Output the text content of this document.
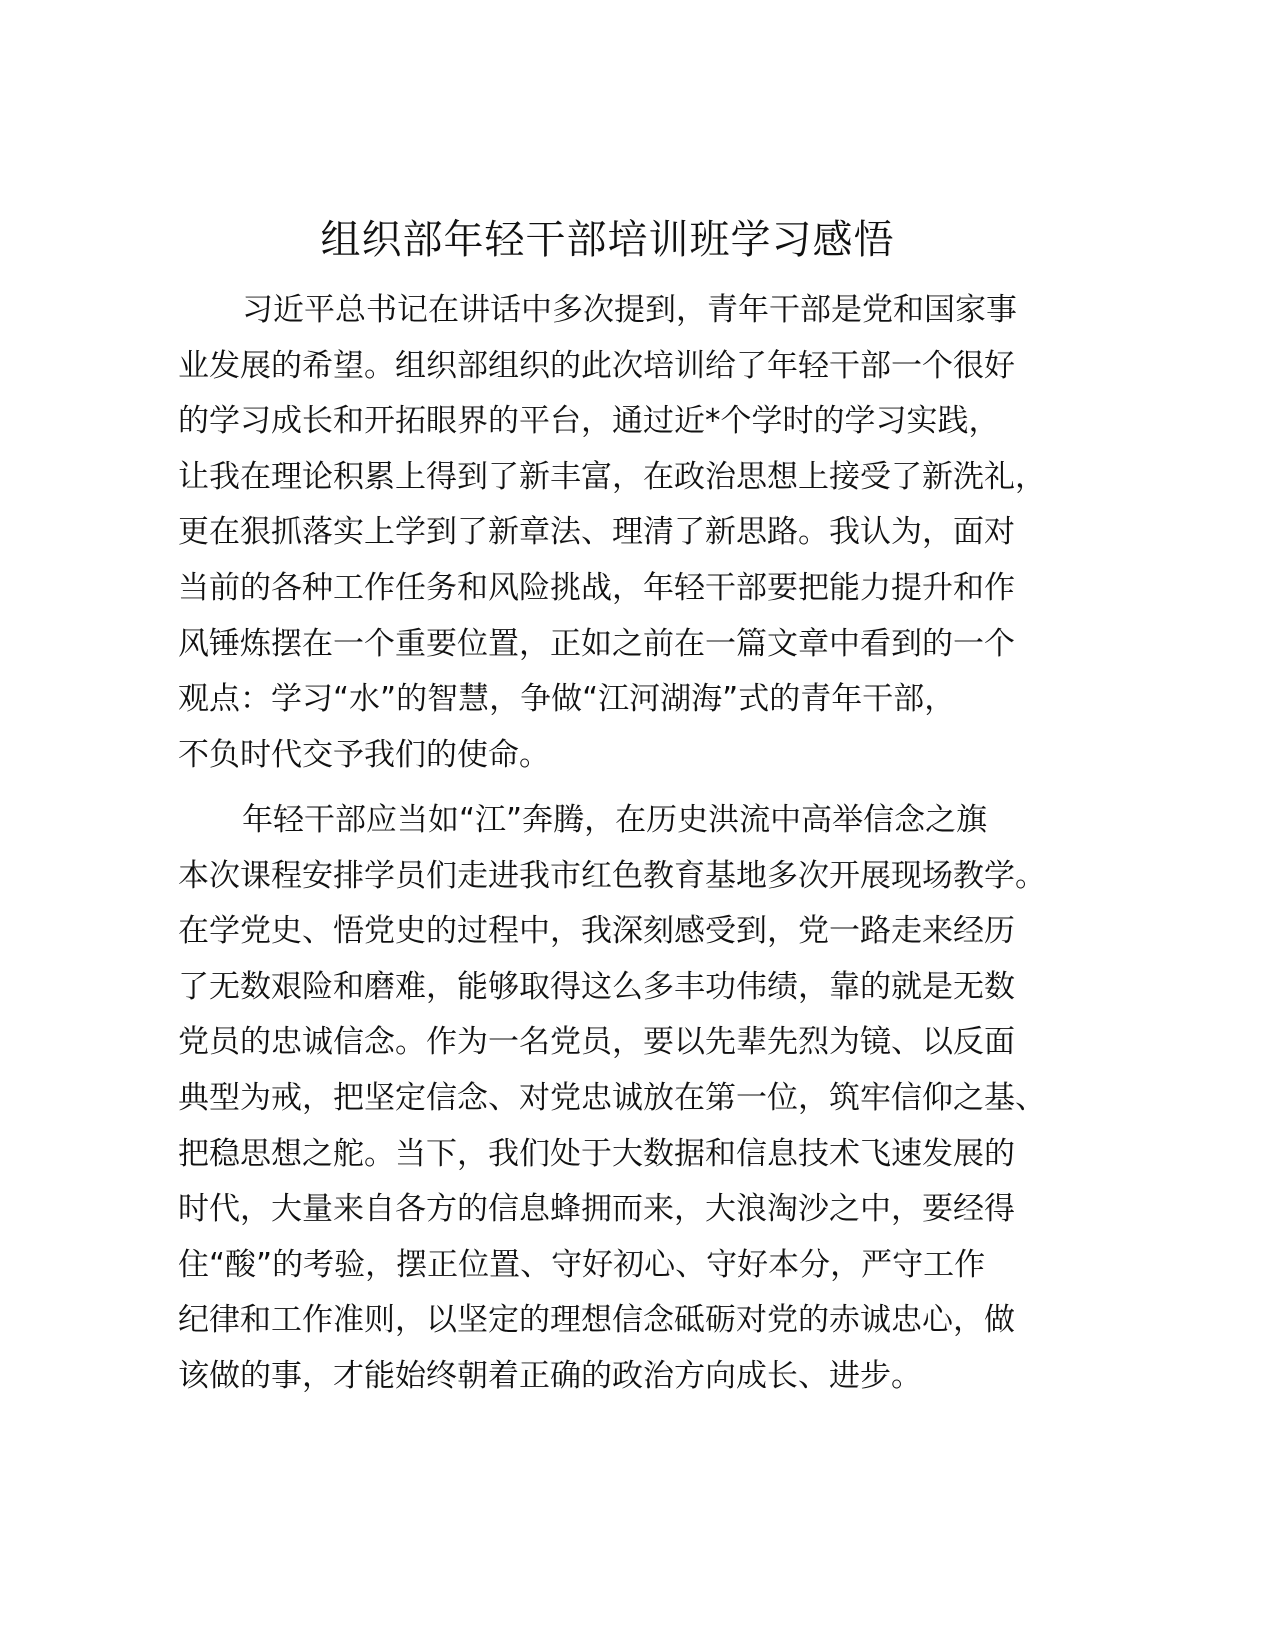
组织部年轻干部培训班学习感悟
习近平总书记在讲话中多次提到，青年干部是党和国家事
业发展的希望。组织部组织的此次培训给了年轻干部一个很好
的学习成长和开拓眼界的平台，通过近*个学时的学习实践，
让我在理论积累上得到了新丰富，在政治思想上接受了新洗礼，
更在狠抓落实上学到了新章法、理清了新思路。我认为，面对
当前的各种工作任务和风险挑战，年轻干部要把能力提升和作
风锤炼摆在一个重要位置，正如之前在一篇文章中看到的一个
观点：学习“水”的智慧，争做“江河湖海”式的青年干部，
不负时代交予我们的使命。
年轻干部应当如“江”奔腾，在历史洪流中高举信念之旗
本次课程安排学员们走进我市红色教育基地多次开展现场教学。
在学党史、悟党史的过程中，我深刻感受到，党一路走来经历
了无数艰险和磨难，能够取得这么多丰功伟绩，靠的就是无数
党员的忠诚信念。作为一名党员，要以先辈先烈为镜、以反面
典型为戒，把坚定信念、对党忠诚放在第一位，筑牢信仰之基、
把稳思想之舵。当下，我们处于大数据和信息技术飞速发展的
时代，大量来自各方的信息蜂拥而来，大浪淘沙之中，要经得
住“酸”的考验，摆正位置、守好初心、守好本分，严守工作
纪律和工作准则，以坚定的理想信念砥砺对党的赤诚忠心，做
该做的事，才能始终朝着正确的政治方向成长、进步。
